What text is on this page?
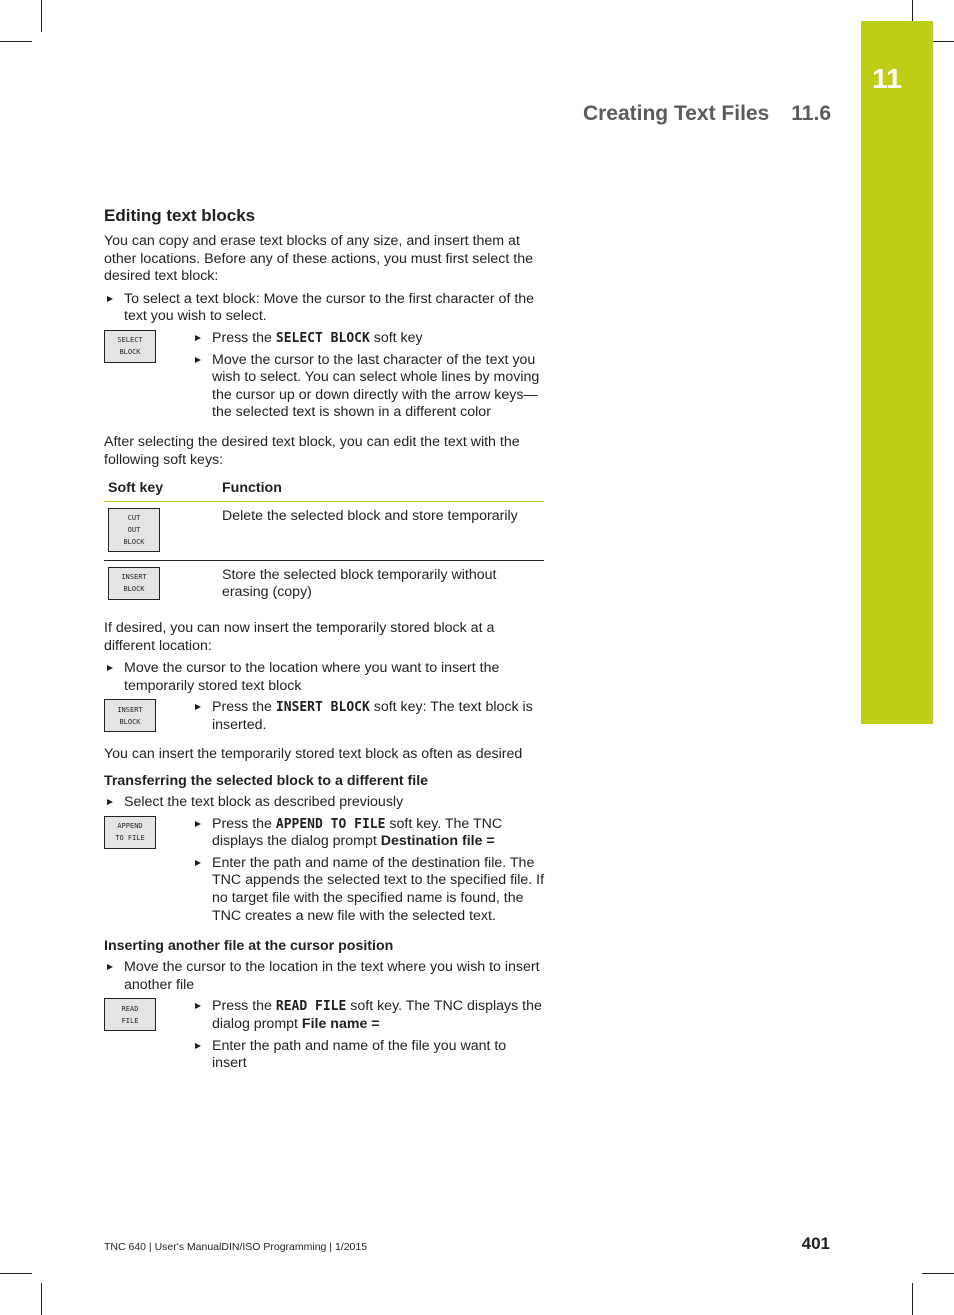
11
Creating Text Files 11.6
Editing text blocks

You can copy and erase text blocks of any size, and insert them at other locations. Before any of these actions, you must first select the desired text block:

To select a text block: Move the cursor to the first character of the text you wish to select.
SELECT
BLOCK
Press the SELECT BLOCK soft key
Move the cursor to the last character of the text you wish to select. You can select whole lines by moving the cursor up or down directly with the arrow keys—the selected text is shown in a different color

After selecting the desired text block, you can edit the text with the following soft keys:

Soft key	Function

CUT
OUT
BLOCK	Delete the selected block and store temporarily

INSERT
BLOCK	Store the selected block temporarily without erasing (copy)

If desired, you can now insert the temporarily stored block at a different location:

Move the cursor to the location where you want to insert the temporarily stored text block
INSERT
BLOCK
Press the INSERT BLOCK soft key: The text block is inserted.

You can insert the temporarily stored text block as often as desired

Transferring the selected block to a different file
Select the text block as described previously
APPEND
TO FILE
Press the APPEND TO FILE soft key. The TNC displays the dialog prompt Destination file =
Enter the path and name of the destination file. The TNC appends the selected text to the specified file. If no target file with the specified name is found, the TNC creates a new file with the selected text.
Inserting another file at the cursor position
Move the cursor to the location in the text where you wish to insert another file
READ
FILE
Press the READ FILE soft key. The TNC displays the dialog prompt File name =
Enter the path and name of the file you want to insert
TNC 640 | User's ManualDIN/ISO Programming | 1/2015	401
